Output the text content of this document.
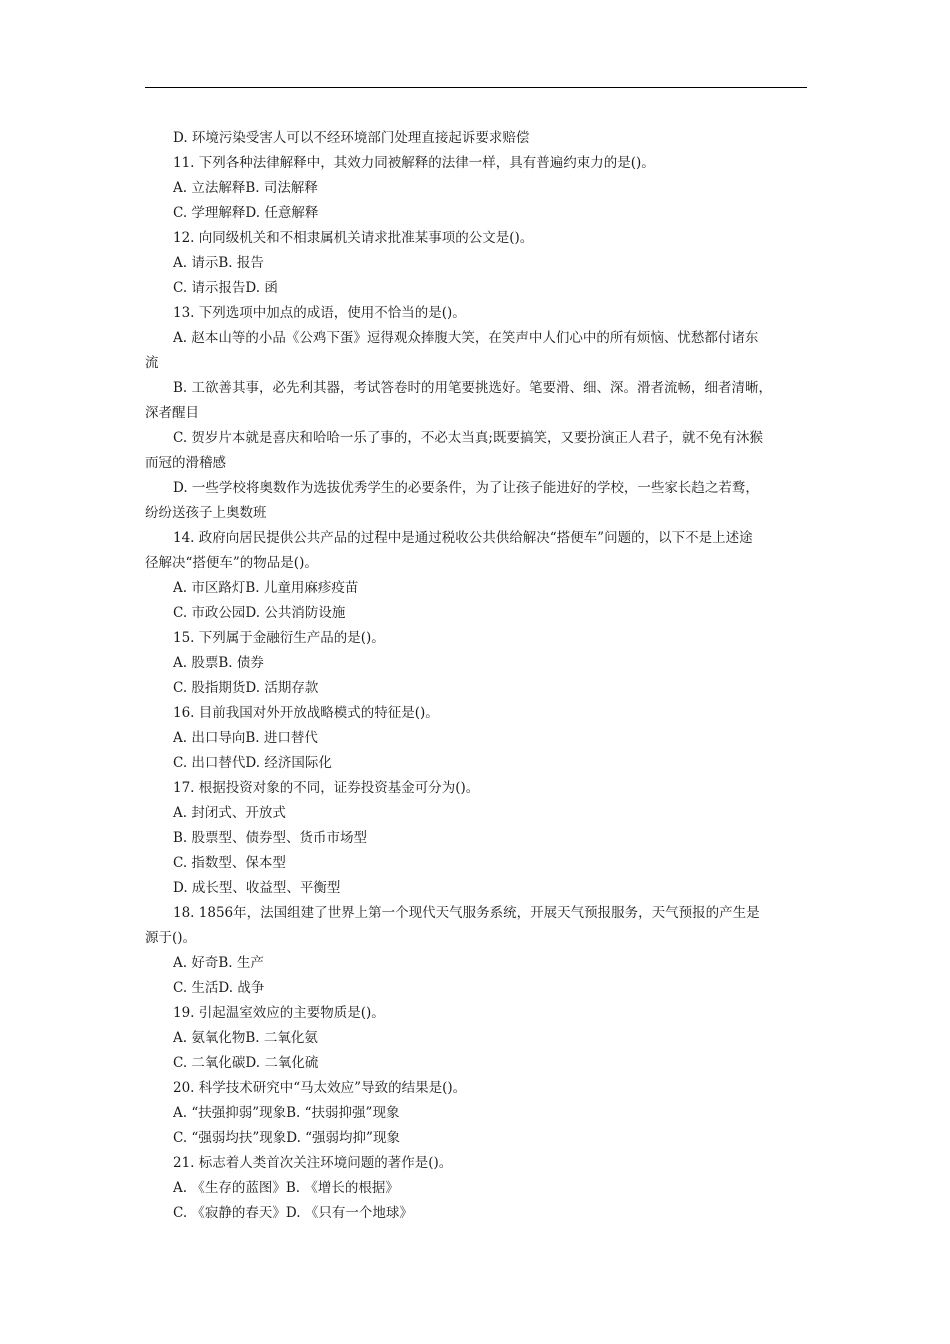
D. 环境污染受害人可以不经环境部门处理直接起诉要求赔偿
11. 下列各种法律解释中，其效力同被解释的法律一样，具有普遍约束力的是()。
A. 立法解释B. 司法解释
C. 学理解释D. 任意解释
12. 向同级机关和不相隶属机关请求批准某事项的公文是()。
A. 请示B. 报告
C. 请示报告D. 函
13. 下列选项中加点的成语，使用不恰当的是()。
A. 赵本山等的小品《公鸡下蛋》逗得观众捧腹大笑，在笑声中人们心中的所有烦恼、忧愁都付诸东
流
B. 工欲善其事，必先利其器，考试答卷时的用笔要挑选好。笔要滑、细、深。滑者流畅，细者清晰，
深者醒目
C. 贺岁片本就是喜庆和哈哈一乐了事的，不必太当真;既要搞笑，又要扮演正人君子，就不免有沐猴
而冠的滑稽感
D. 一些学校将奥数作为选拔优秀学生的必要条件，为了让孩子能进好的学校，一些家长趋之若鹜，
纷纷送孩子上奥数班
14. 政府向居民提供公共产品的过程中是通过税收公共供给解决“搭便车”问题的，以下不是上述途
径解决“搭便车”的物品是()。
A. 市区路灯B. 儿童用麻疹疫苗
C. 市政公园D. 公共消防设施
15. 下列属于金融衍生产品的是()。
A. 股票B. 债券
C. 股指期货D. 活期存款
16. 目前我国对外开放战略模式的特征是()。
A. 出口导向B. 进口替代
C. 出口替代D. 经济国际化
17. 根据投资对象的不同，证券投资基金可分为()。
A. 封闭式、开放式
B. 股票型、债券型、货币市场型
C. 指数型、保本型
D. 成长型、收益型、平衡型
18. 1856年，法国组建了世界上第一个现代天气服务系统，开展天气预报服务，天气预报的产生是
源于()。
A. 好奇B. 生产
C. 生活D. 战争
19. 引起温室效应的主要物质是()。
A. 氨氧化物B. 二氧化氨
C. 二氧化碳D. 二氧化硫
20. 科学技术研究中“马太效应”导致的结果是()。
A. “扶强抑弱”现象B. “扶弱抑强”现象
C. “强弱均扶”现象D. “强弱均抑”现象
21. 标志着人类首次关注环境问题的著作是()。
A. 《生存的蓝图》B. 《增长的根据》
C. 《寂静的春天》D. 《只有一个地球》
